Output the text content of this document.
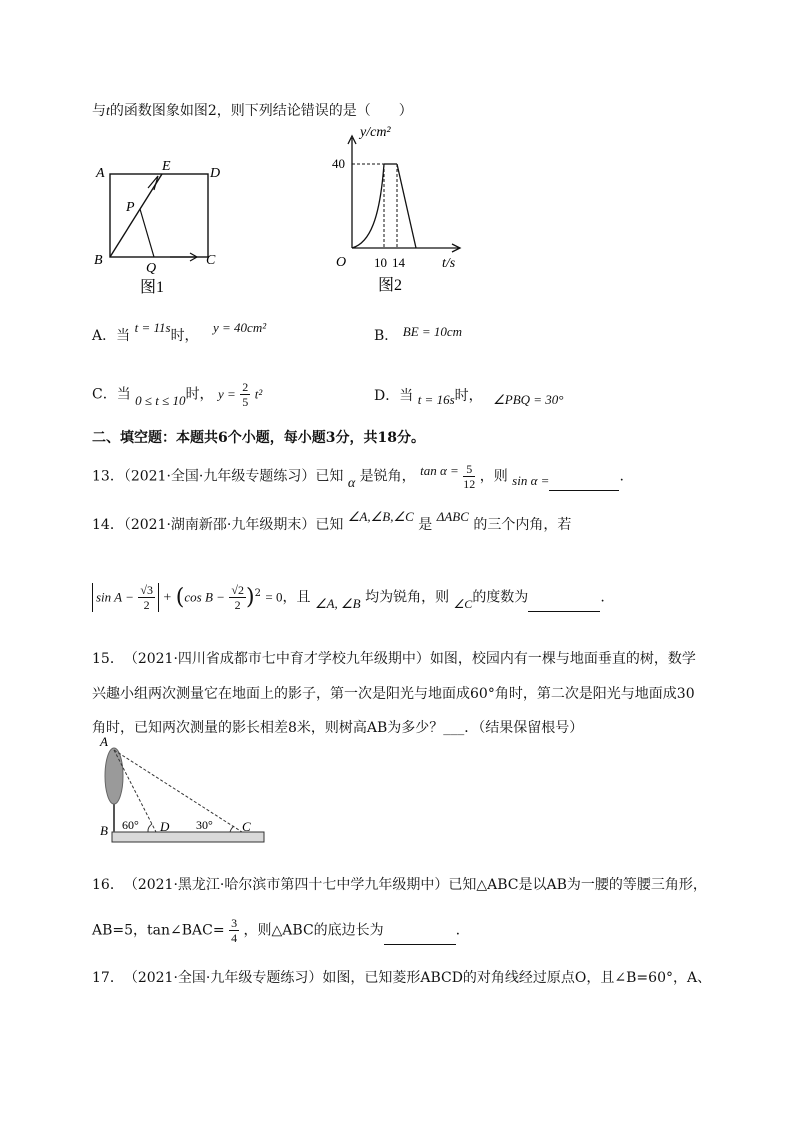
与t的函数图象如图2，则下列结论错误的是（　　）
A	E	D
P
B
Q
C
图1
y/cm²
40
O 10 14	t/s
图2
A．当 t = 11s时， y = 40cm²
B． BE = 10cm
C．当 0 ≤ t ≤ 10时， $y = \frac{2}{5} t^2$	D．当 t = 16s时， ∠PBQ = 30°
二、填空题：本题共6个小题，每小题3分，共18分。
13．（2021·全国·九年级专题练习）已知 α 是锐角， $\tan \alpha = \frac{5}{12}$ ，则 sin α =	.
14．（2021·湖南新邵·九年级期末）已知 ∠A,∠B,∠C 是 ΔABC 的三个内角，若
$\sin A - \frac{√3}{2} + (\cos$ $B - \frac{√2}{2} )^2 = 0$，且 ∠A, ∠B 均为锐角，则 ∠C的度数为	.
15．　（2021·四川省成都市七中育才学校九年级期中）如图，校园内有一棵与地面垂直的树，数学
兴趣小组两次测量它在地面上的影子，第一次是阳光与地面成60°角时，第二次是阳光与地面成30
角时，已知两次测量的影长相差8米，则树高AB为多少？___．（结果保留根号）
A
B 60° D 30° C
16．　（2021·黑龙江·哈尔滨市第四十七中学九年级期中）已知△ABC是以AB为一腰的等腰三角形，
AB=5，tan∠BAC= $\frac{3}{4}$ ，则△ABC的底边长为	.
17．　（2021·全国·九年级专题练习）如图，已知菱形ABCD的对角线经过原点O，且∠B=60°，A、
